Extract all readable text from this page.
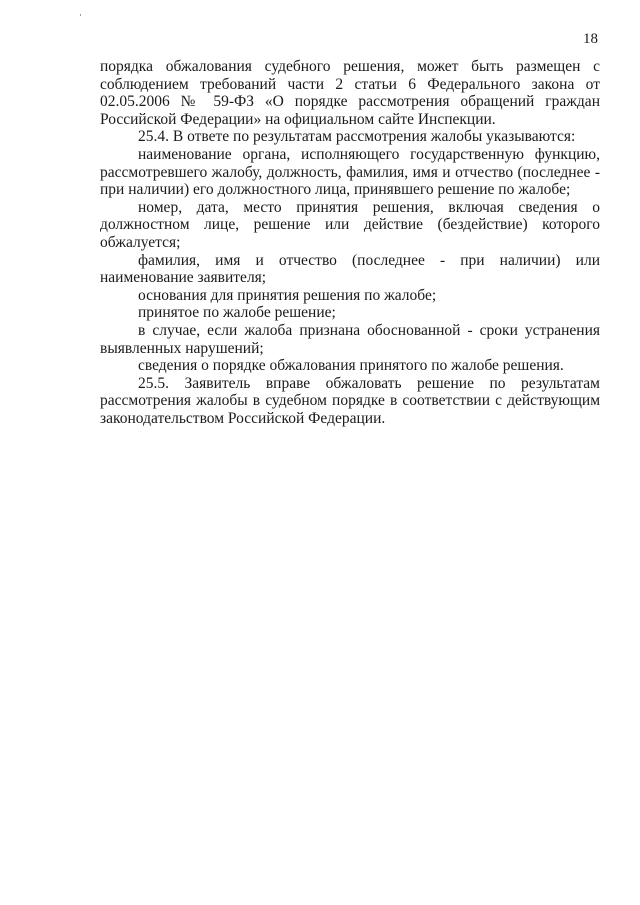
18

порядка обжалования судебного решения, может быть размещен с соблюдением требований части 2 статьи 6 Федерального закона от 02.05.2006 № 59-ФЗ «О порядке рассмотрения обращений граждан Российской Федерации» на официальном сайте Инспекции.

25.4. В ответе по результатам рассмотрения жалобы указываются:

наименование органа, исполняющего государственную функцию, рассмотревшего жалобу, должность, фамилия, имя и отчество (последнее - при наличии) его должностного лица, принявшего решение по жалобе;

номер, дата, место принятия решения, включая сведения о должностном лице, решение или действие (бездействие) которого обжалуется;

фамилия, имя и отчество (последнее - при наличии) или наименование заявителя;

основания для принятия решения по жалобе;

принятое по жалобе решение;

в случае, если жалоба признана обоснованной - сроки устранения выявленных нарушений;

сведения о порядке обжалования принятого по жалобе решения.

25.5. Заявитель вправе обжаловать решение по результатам рассмотрения жалобы в судебном порядке в соответствии с действующим законодательством Российской Федерации.
